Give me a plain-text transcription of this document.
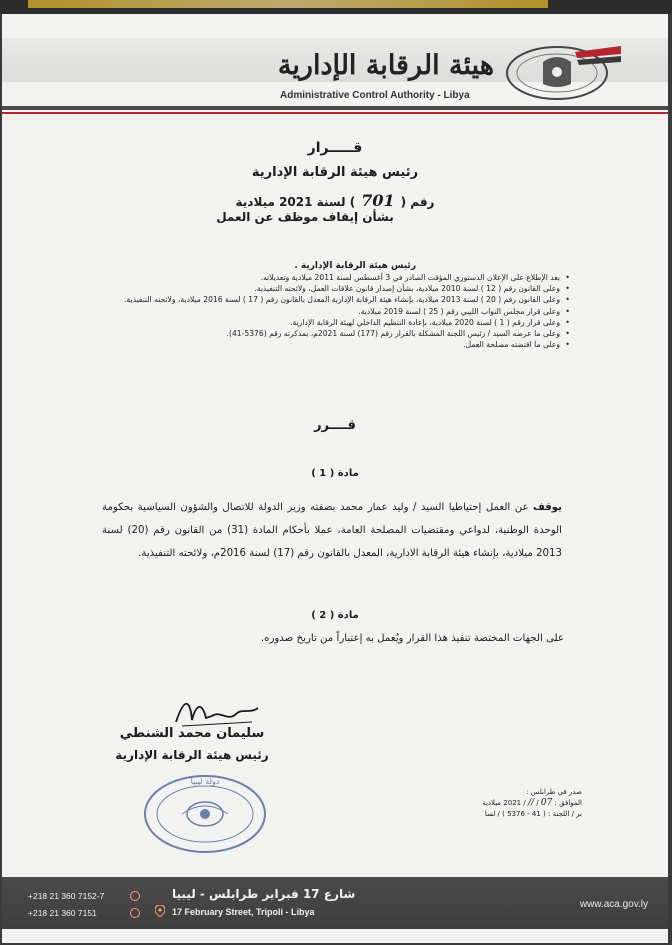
هيئة الرقابة الإدارية
Administrative Control Authority - Libya
قـــــرار
رئيس هيئة الرقابة الإدارية
رقم (701) لسنة 2021 ميلادية
بشأن إيقاف موظف عن العمل
رئيس هيئة الرقابة الإدارية .
• بعد الإطلاع على الإعلان الدستوري المؤقت الصادر في 3 أغسطس لسنة 2011 ميلادية وتعديلاته.
• وعلى القانون رقم ( 12 ) لسنة 2010 ميلادية، بشأن إصدار قانون علاقات العمل، ولائحته التنفيذية.
• وعلى القانون رقم ( 20 ) لسنة 2013 ميلادية، بإنشاء هيئة الرقابة الإدارية المعدل بالقانون رقم ( 17 ) لسنة 2016 ميلادية، ولائحته التنفيذية.
• وعلى قرار مجلس النواب الليبي رقم ( 25 ) لسنة 2019 ميلادية.
• وعلى قرار رقم ( 1 ) لسنة 2020 ميلادية، بإعادة التنظيم الداخلي لهيئة الرقابة الإدارية.
• وعلى ما عرضه السيد / رئيس اللجنة المشكلة بالقرار رقم (177) لسنة 2021م، بمذكرته رقم (5376-41).
• وعلى ما اقتضته مصلحة العمل.
قــــرر
مادة ( 1 )
يوقف عن العمل إحتياطيا السيد / وليد عمار محمد بصفته وزير الدولة للاتصال والشؤون السياسية بحكومة الوحدة الوطنية، لدواعي ومقتضيات المصلحة العامة، عملا بأحكام المادة (31) من القانون رقم (20) لسنة 2013 ميلادية، بإنشاء هيئة الرقابة الادارية، المعدل بالقانون رقم (17) لسنة 2016م، ولائحته التنفيذية.
مادة ( 2 )
على الجهات المختصة تنفيذ هذا القرار ويُعمل به إعتباراً من تاريخ صدوره.
سليمان محمد الشنطي
رئيس هيئة الرقابة الإدارية
دولة ليبيا
صدر في طرابلس :
الموافق : 07 / // / 2021 ميلادية
بر / اللجنة : ( 41 - 5376 ) / لسا
+218 21 360 7152-7
+218 21 360 7151
شارع 17 فبراير طرابلس - ليبيا
17 February Street, Tripoli - Libya
www.aca.gov.ly
